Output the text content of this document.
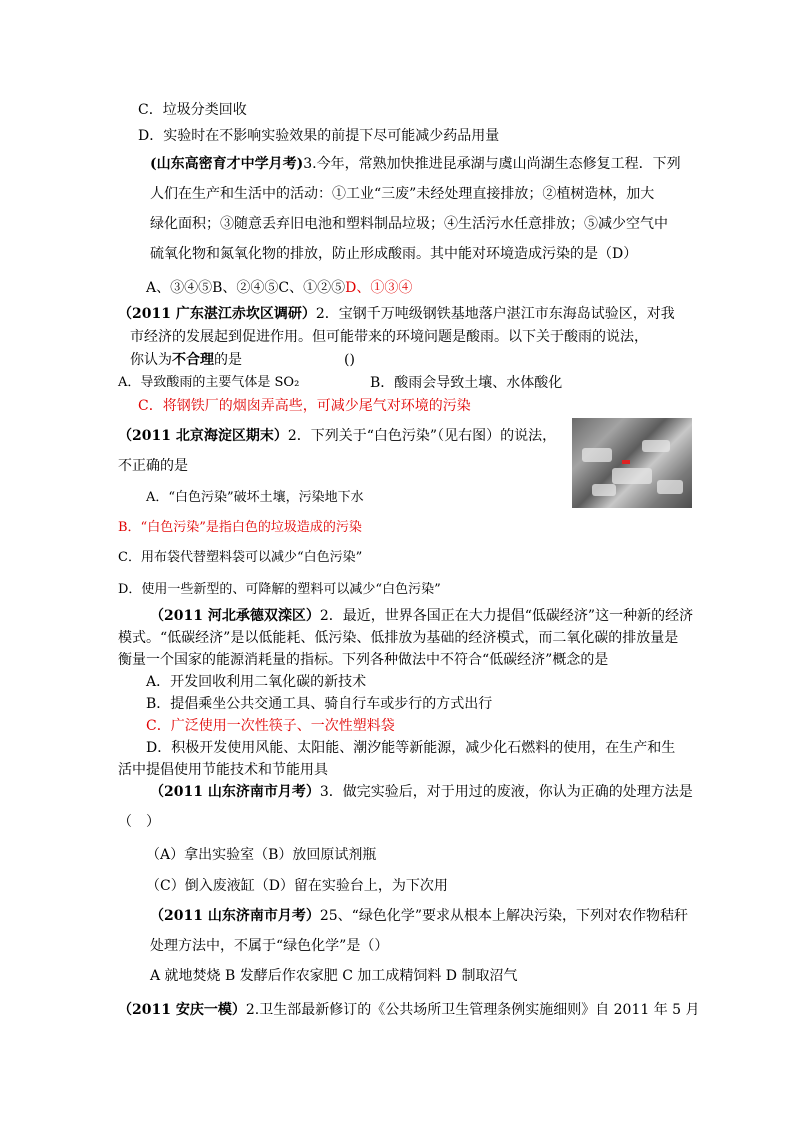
C．垃圾分类回收
D．实验时在不影响实验效果的前提下尽可能减少药品用量
(山东高密育才中学月考)3.今年，常熟加快推进昆承湖与虞山尚湖生态修复工程．下列
人们在生产和生活中的活动：①工业“三废”未经处理直接排放；②植树造林，加大
绿化面积；③随意丢弃旧电池和塑料制品垃圾；④生活污水任意排放；⑤减少空气中
硫氧化物和氮氧化物的排放，防止形成酸雨。其中能对环境造成污染的是（D）
A、③④⑤B、②④⑤C、①②⑤D、①③④
（2011 广东湛江赤坎区调研）2．宝钢千万吨级钢铁基地落户湛江市东海岛试验区，对我
市经济的发展起到促进作用。但可能带来的环境问题是酸雨。以下关于酸雨的说法，
你认为不合理的是	()
A．导致酸雨的主要气体是 SO₂	B．酸雨会导致土壤、水体酸化
C．将钢铁厂的烟囱弄高些，可减少尾气对环境的污染
（2011 北京海淀区期末）2．下列关于“白色污染”（见右图）的说法，
不正确的是
A．“白色污染”破坏土壤，污染地下水
B．“白色污染”是指白色的垃圾造成的污染
C．用布袋代替塑料袋可以减少“白色污染”
D．使用一些新型的、可降解的塑料可以减少“白色污染”
（2011 河北承德双滦区）2．最近，世界各国正在大力提倡“低碳经济”这一种新的经济
模式。“低碳经济”是以低能耗、低污染、低排放为基础的经济模式，而二氧化碳的排放量是
衡量一个国家的能源消耗量的指标。下列各种做法中不符合“低碳经济”概念的是
A．开发回收利用二氧化碳的新技术
B．提倡乘坐公共交通工具、骑自行车或步行的方式出行
C．广泛使用一次性筷子、一次性塑料袋
D．积极开发使用风能、太阳能、潮汐能等新能源，减少化石燃料的使用，在生产和生
活中提倡使用节能技术和节能用具
（2011 山东济南市月考）3．做完实验后，对于用过的废液，你认为正确的处理方法是
（　）
（A）拿出实验室（B）放回原试剂瓶
（C）倒入废液缸（D）留在实验台上，为下次用
（2011 山东济南市月考）25、“绿色化学”要求从根本上解决污染，下列对农作物秸秆
处理方法中，不属于“绿色化学”是（）
A 就地焚烧 B 发酵后作农家肥 C 加工成精饲料 D 制取沼气
（2011 安庆一模）2.卫生部最新修订的《公共场所卫生管理条例实施细则》自 2011 年 5 月
